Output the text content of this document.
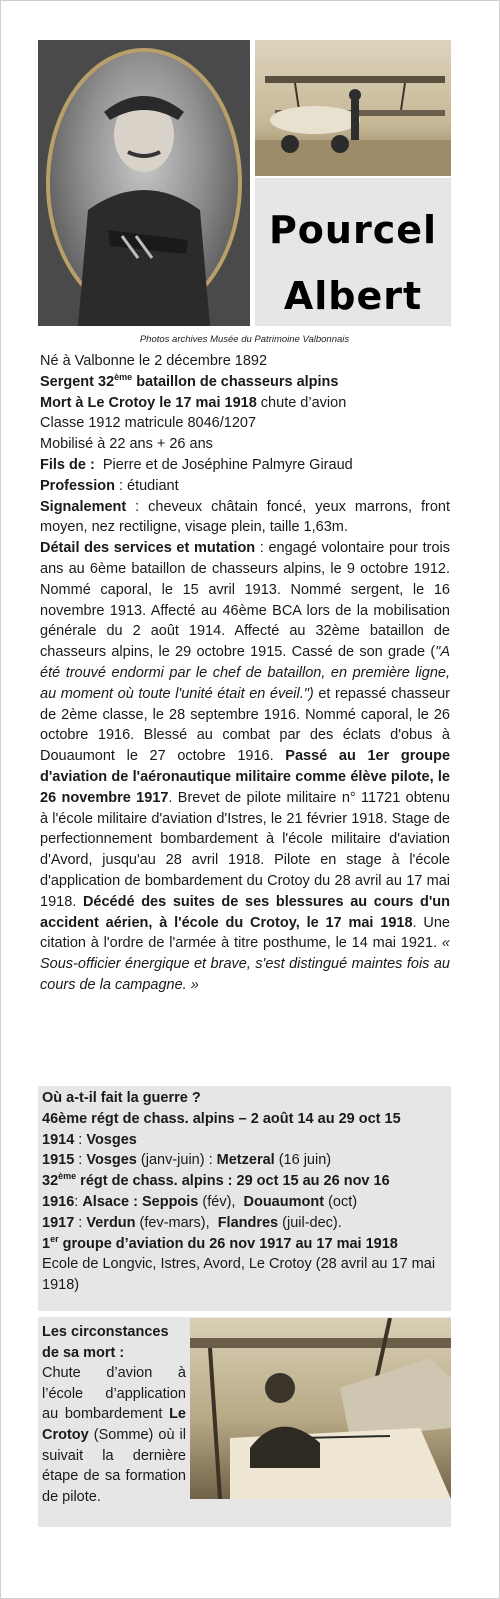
Pourcel
Albert
Photos archives Musée du Patrimoine Valbonnais

Né à Valbonne le 2 décembre 1892

Sergent 32ème bataillon de chasseurs alpins

Mort à Le Crotoy le 17 mai 1918 chute d’avion

Classe 1912 matricule 8046/1207

Mobilisé à 22 ans + 26 ans

Fils de :  Pierre et de Joséphine Palmyre Giraud

Profession : étudiant

Signalement : cheveux châtain foncé, yeux marrons, front moyen, nez rectiligne, visage plein, taille 1,63m.

Détail des services et mutation : engagé volontaire pour trois ans au 6ème bataillon de chasseurs alpins, le 9 octobre 1912. Nommé caporal, le 15 avril 1913. Nommé sergent, le 16 novembre 1913. Affecté au 46ème BCA lors de la mobilisation générale du 2 août 1914. Affecté au 32ème bataillon de chasseurs alpins, le 29 octobre 1915. Cassé de son grade ("A été trouvé endormi par le chef de bataillon, en première ligne, au moment où toute l'unité était en éveil.") et repassé chasseur de 2ème classe, le 28 septembre 1916. Nommé caporal, le 26 octobre 1916. Blessé au combat par des éclats d'obus à Douaumont le 27 octobre 1916. Passé au 1er groupe d'aviation de l'aéronautique militaire comme élève pilote, le 26 novembre 1917. Brevet de pilote militaire n° 11721 obtenu à l'école militaire d'aviation d'Istres, le 21 février 1918. Stage de perfectionnement bombardement à l'école militaire d'aviation d'Avord, jusqu'au 28 avril 1918. Pilote en stage à l'école d'application de bombardement du Crotoy du 28 avril au 17 mai 1918. Décédé des suites de ses blessures au cours d'un accident aérien, à l'école du Crotoy, le 17 mai 1918. Une citation à l'ordre de l'armée à titre posthume, le 14 mai 1921. « Sous-officier énergique et brave, s'est distingué maintes fois au cours de la campagne. »

Où a-t-il fait la guerre ?

46ème régt de chass. alpins – 2 août 14 au 29 oct 15

1914 : Vosges

1915 : Vosges (janv-juin) : Metzeral (16 juin)

32ème régt de chass. alpins : 29 oct 15 au 26 nov 16

1916: Alsace : Seppois (fév),  Douaumont (oct)

1917 : Verdun (fev-mars),  Flandres (juil-dec).

1er groupe d’aviation du 26 nov 1917 au 17 mai 1918

Ecole de Longvic, Istres, Avord, Le Crotoy (28 avril au 17 mai 1918)

Les circonstances de sa mort :

Chute d’avion à l’école d’application au bombardement Le Crotoy (Somme) où il suivait la dernière étape de sa formation de pilote.
